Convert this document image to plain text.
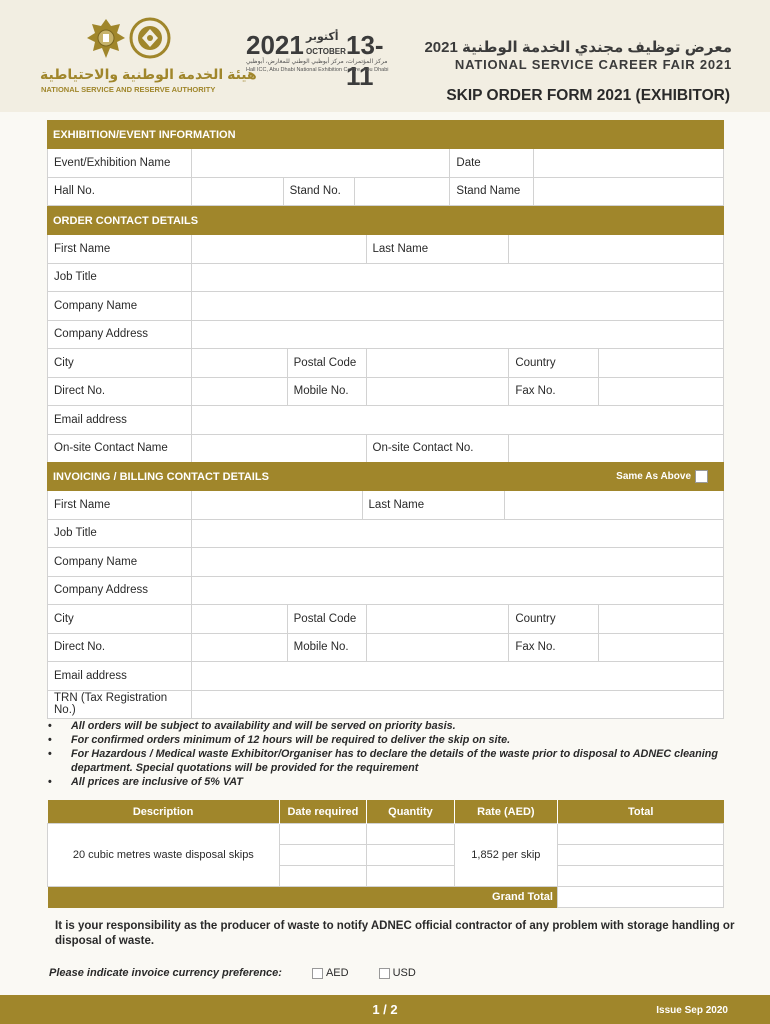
هيئة الخدمة الوطنية والاحتياطية
NATIONAL SERVICE AND RESERVE AUTHORITY
2021 أكتوبر
OCTOBER 13-11
مركز المؤتمرات، مركز أبوظبي الوطني للمعارض، أبوظبي
Hall ICC, Abu Dhabi National Exhibition Centre, Abu Dhabi
معرض توظيف مجندي الخدمة الوطنية 2021
NATIONAL SERVICE CAREER FAIR 2021
SKIP ORDER FORM 2021 (EXHIBITOR)
EXHIBITION/EVENT INFORMATION
Event/Exhibition Name	Date
Hall No.	Stand No.	Stand Name
ORDER CONTACT DETAILS
First Name	Last Name
Job Title
Company Name
Company Address
City	Postal Code	Country
Direct No.	Mobile No.	Fax No.
Email address
On-site Contact Name	On-site Contact No.
INVOICING / BILLING CONTACT DETAILS	Same As Above
First Name	Last Name
Job Title
Company Name
Company Address
City	Postal Code	Country
Direct No.	Mobile No.	Fax No.
Email address
TRN (Tax Registration No.)
• All orders will be subject to availability and will be served on priority basis.
• For confirmed orders minimum of 12 hours will be required to deliver the skip on site.
• For Hazardous / Medical waste Exhibitor/Organiser has to declare the details of the waste prior to disposal to ADNEC cleaning department. Special quotations will be provided for the requirement
• All prices are inclusive of 5% VAT
Description	Date required	Quantity	Rate (AED)	Total
20 cubic metres waste disposal skips			1,852 per skip	

Grand Total				
It is your responsibility as the producer of waste to notify ADNEC official contractor of any problem with storage handling or disposal of waste.
Please indicate invoice currency preference:	AED	USD
1 / 2	Issue Sep 2020
